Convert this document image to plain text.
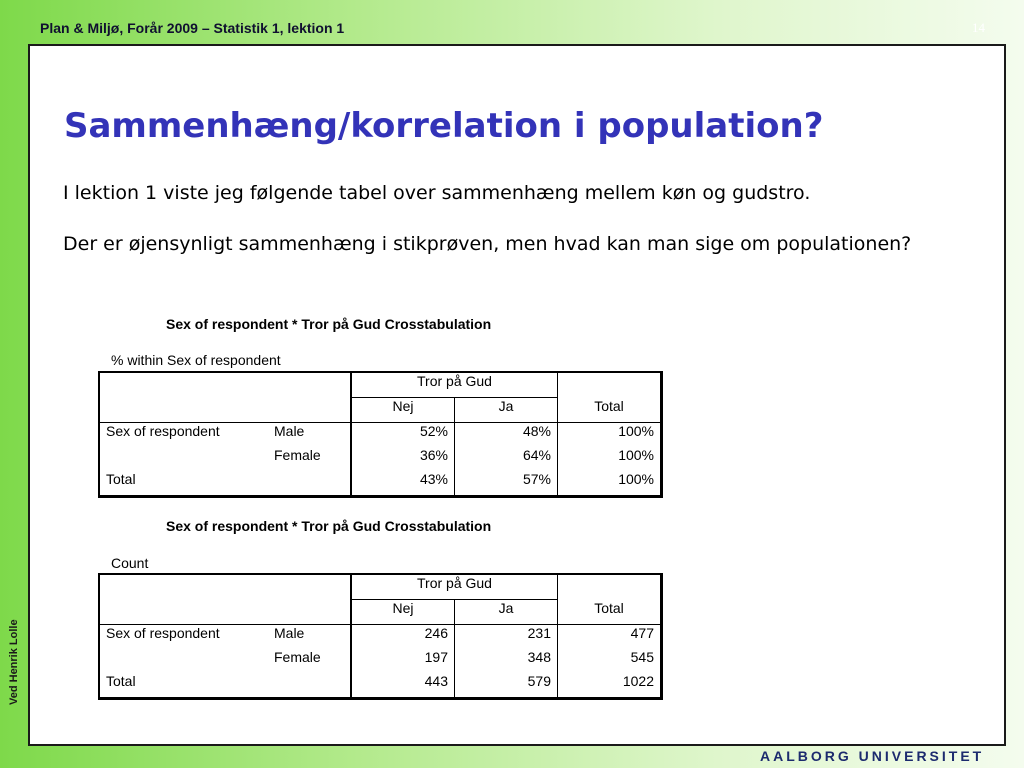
Plan & Miljø, Forår 2009 – Statistik 1, lektion 1	14
Ved Henrik Lolle
Sammenhæng/korrelation i population?

I lektion 1 viste jeg følgende tabel over sammenhæng mellem køn og gudstro.

Der er øjensynligt sammenhæng i stikprøven, men hvad kan man sige om populationen?

Sex of respondent * Tror på Gud Crosstabulation
% within Sex of respondent
		Tror på Gud		
		Nej	Ja	Total
Sex of respondent	Male	52%	48%	100%
	Female	36%	64%	100%
Total		43%	57%	100%
Sex of respondent * Tror på Gud Crosstabulation
Count
		Tror på Gud		
		Nej	Ja	Total
Sex of respondent	Male	246	231	477
	Female	197	348	545
Total		443	579	1022
AALBORG UNIVERSITET
